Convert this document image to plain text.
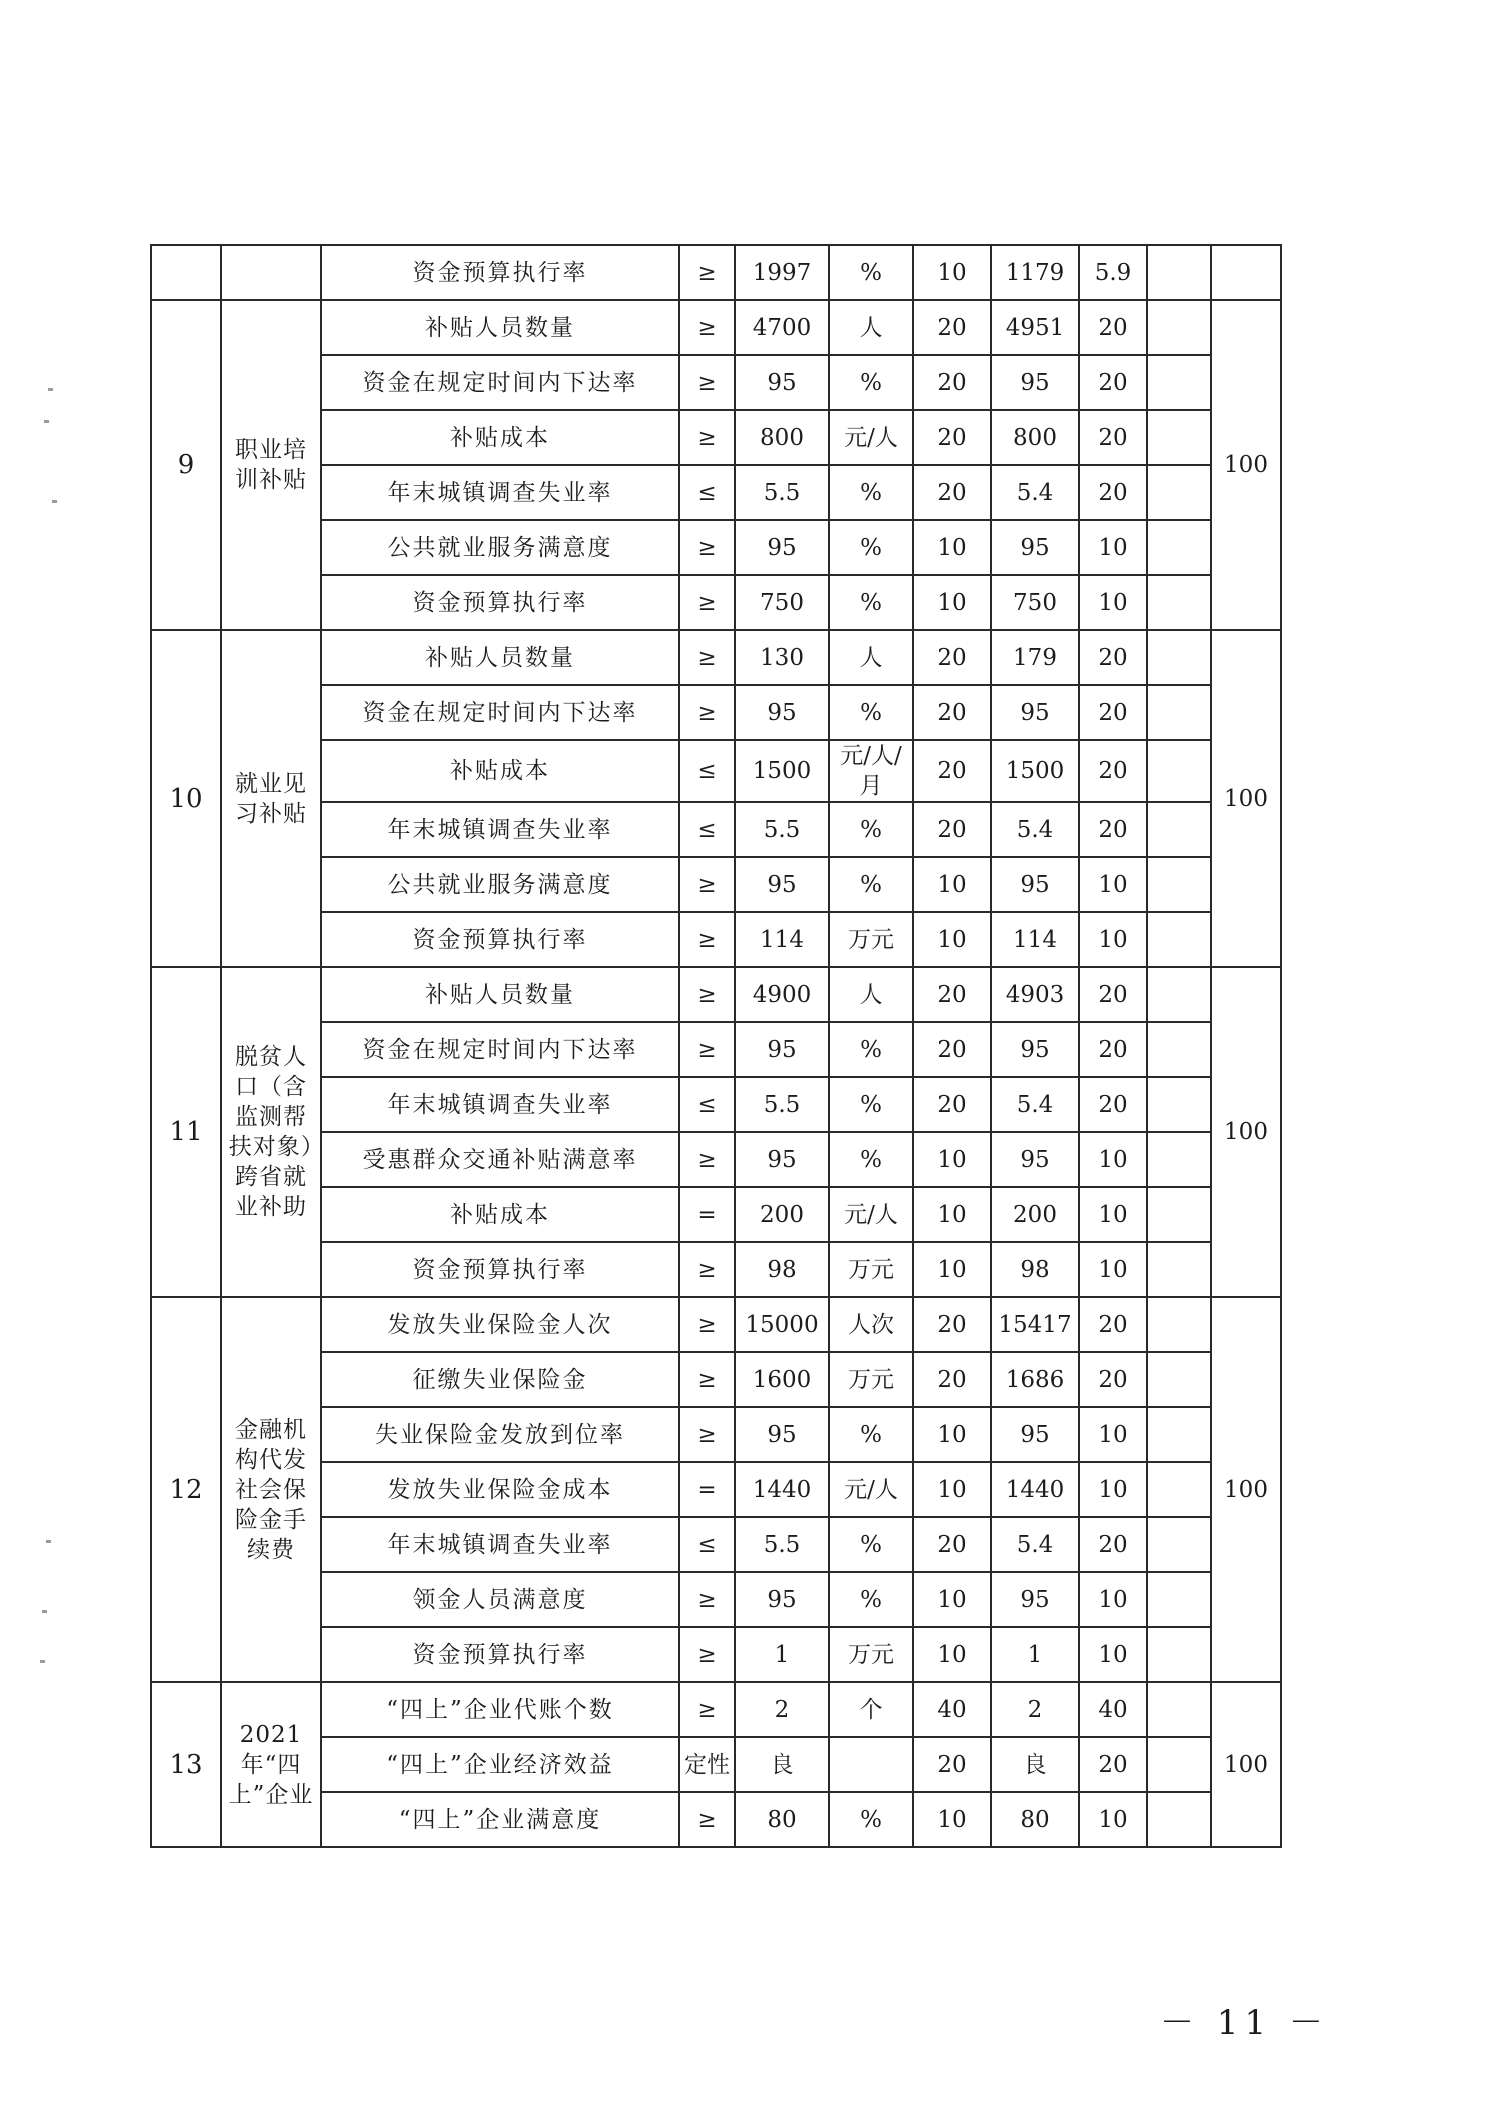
		资金预算执行率	≥	1997	%	10	1179	5.9		
9	职业培训补贴	补贴人员数量	≥	4700	人	20	4951	20		100
		资金在规定时间内下达率	≥	95	%	20	95	20		
		补贴成本	≥	800	元/人	20	800	20		
		年末城镇调查失业率	≤	5.5	%	20	5.4	20		
		公共就业服务满意度	≥	95	%	10	95	10		
		资金预算执行率	≥	750	%	10	750	10		
10	就业见习补贴	补贴人员数量	≥	130	人	20	179	20		100
		资金在规定时间内下达率	≥	95	%	20	95	20		
		补贴成本	≤	1500	元/人/月	20	1500	20		
		年末城镇调查失业率	≤	5.5	%	20	5.4	20		
		公共就业服务满意度	≥	95	%	10	95	10		
		资金预算执行率	≥	114	万元	10	114	10		
11	脱贫人口（含监测帮扶对象）跨省就业补助	补贴人员数量	≥	4900	人	20	4903	20		100
		资金在规定时间内下达率	≥	95	%	20	95	20		
		年末城镇调查失业率	≤	5.5	%	20	5.4	20		
		受惠群众交通补贴满意率	≥	95	%	10	95	10		
		补贴成本	=	200	元/人	10	200	10		
		资金预算执行率	≥	98	万元	10	98	10		
12	金融机构代发社会保险金手续费	发放失业保险金人次	≥	15000	人次	20	15417	20		100
		征缴失业保险金	≥	1600	万元	20	1686	20		
		失业保险金发放到位率	≥	95	%	10	95	10		
		发放失业保险金成本	=	1440	元/人	10	1440	10		
		年末城镇调查失业率	≤	5.5	%	20	5.4	20		
		领金人员满意度	≥	95	%	10	95	10		
		资金预算执行率	≥	1	万元	10	1	10		
13	2021年“四上”企业	“四上”企业代账个数	≥	2	个	40	2	40		100
		“四上”企业经济效益	定性	良		20	良	20		
		“四上”企业满意度	≥	80	%	10	80	10		
－ 11 －
